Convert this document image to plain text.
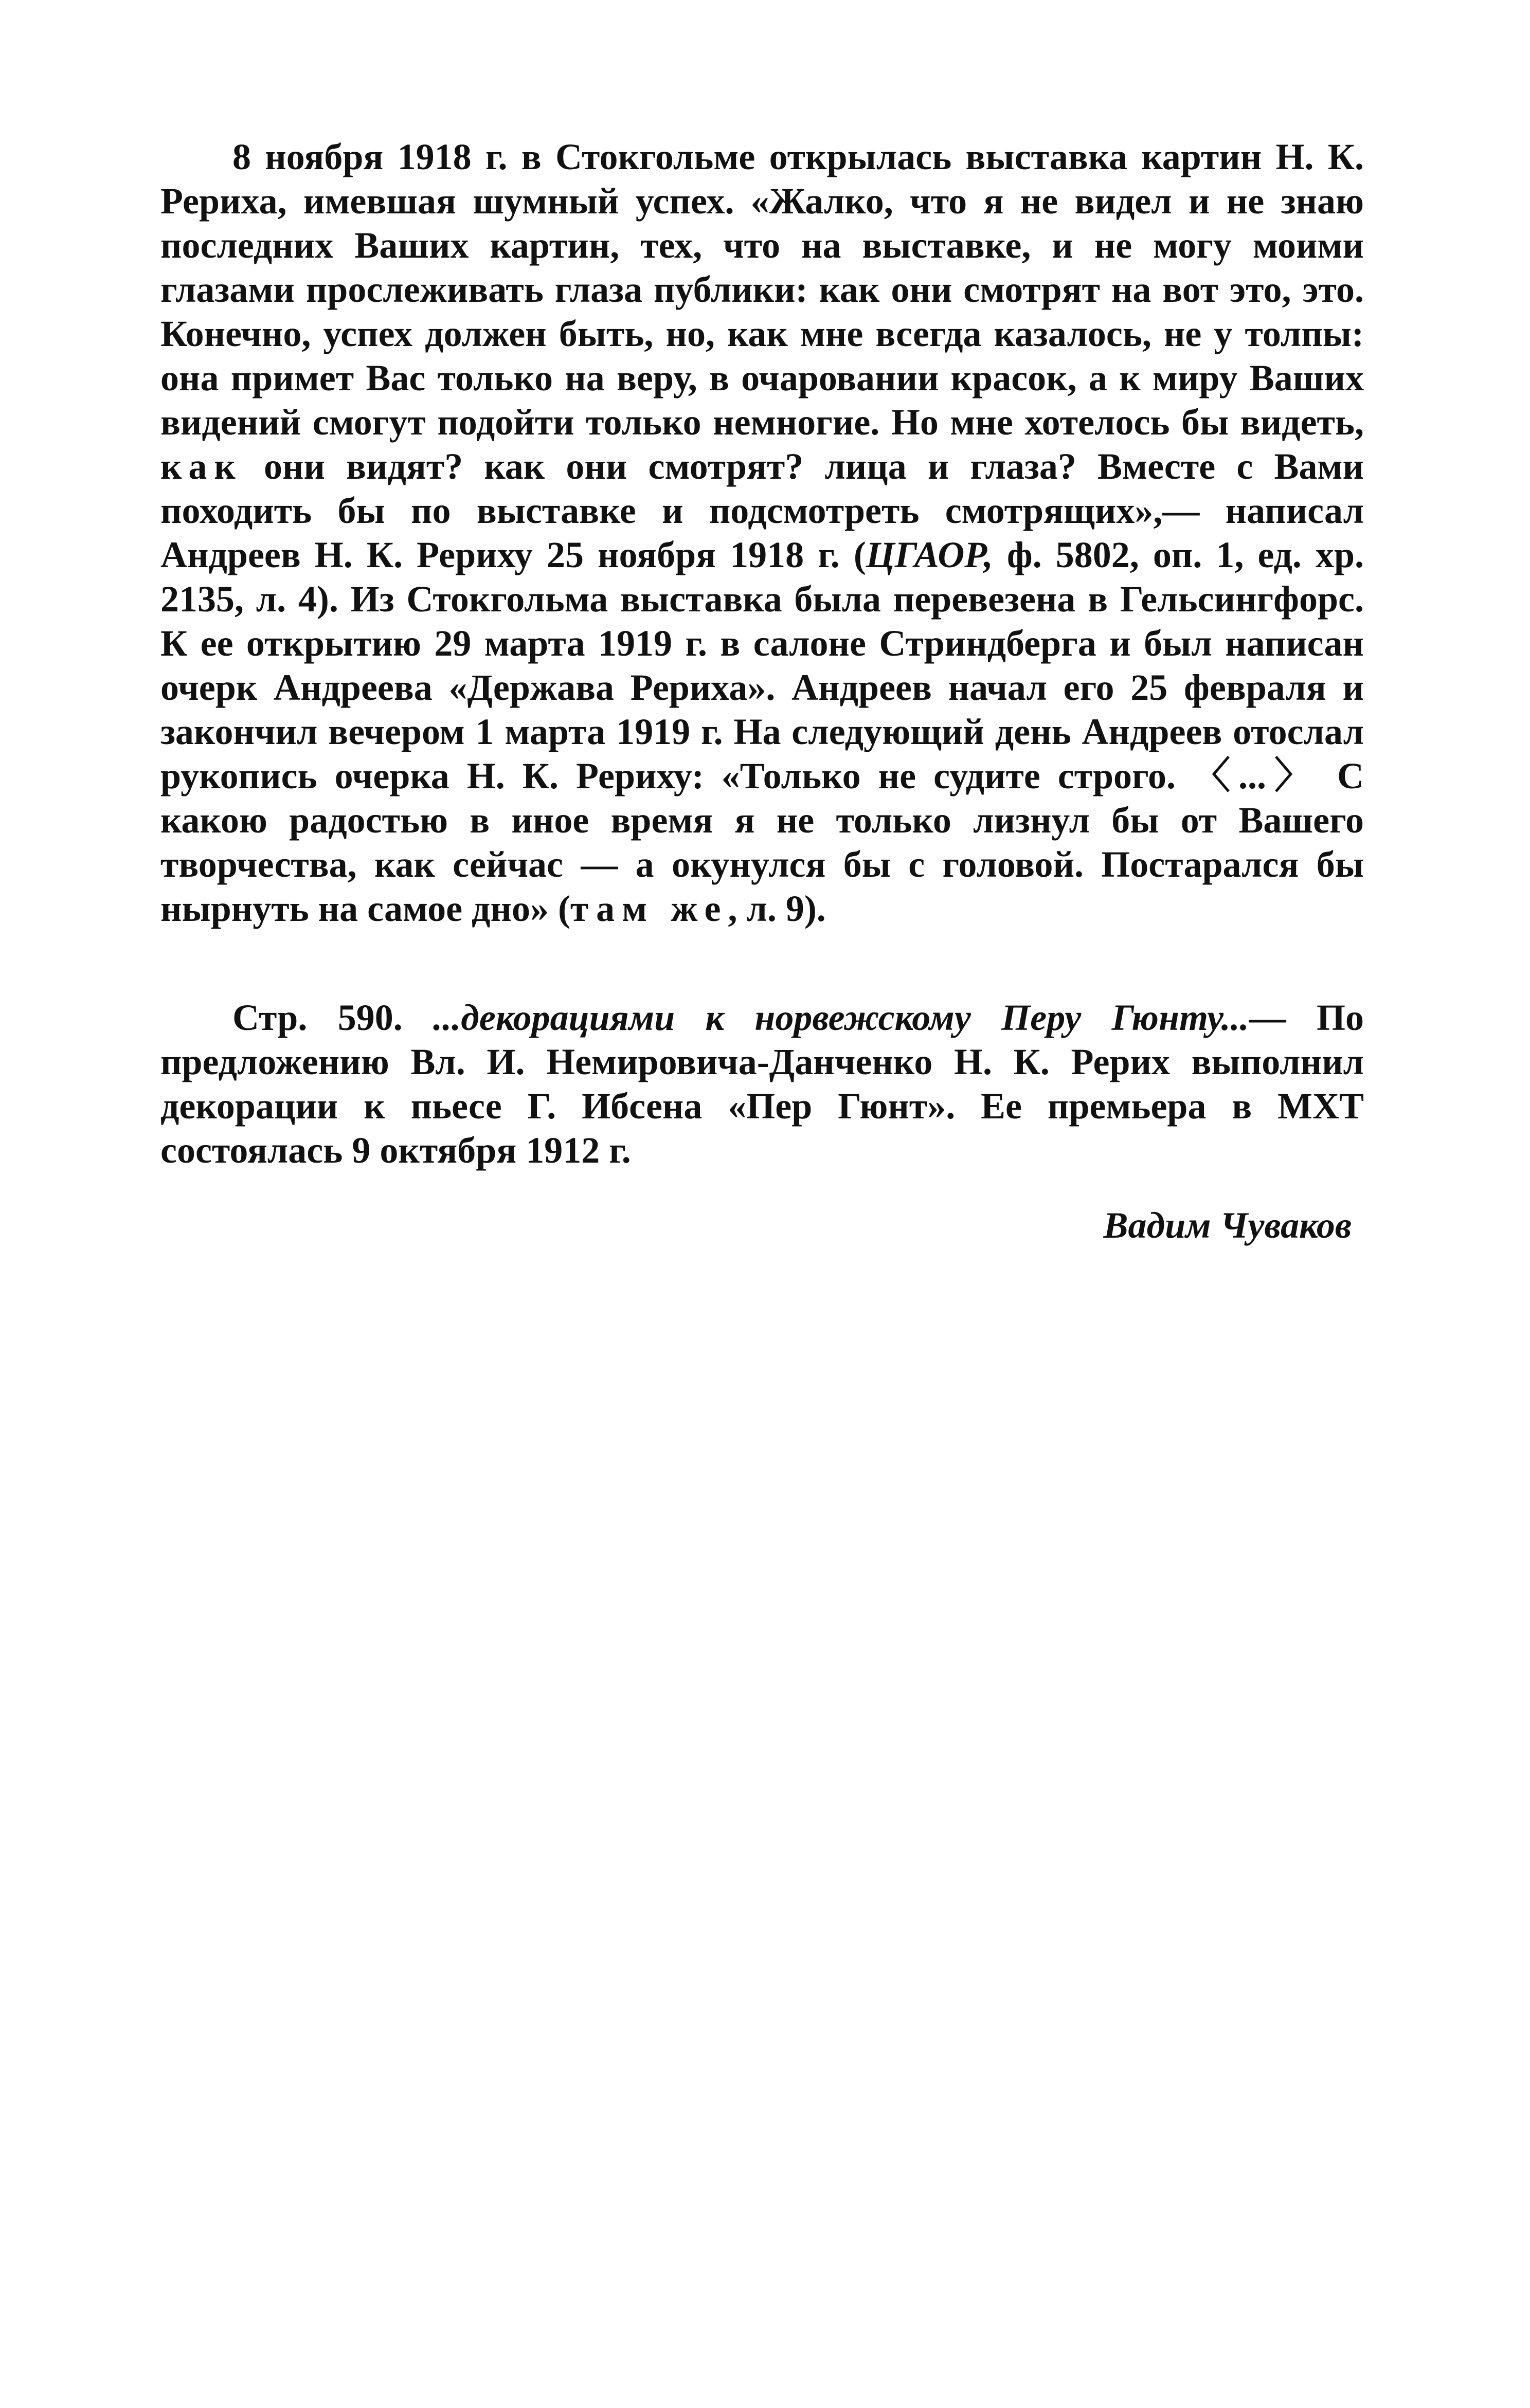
8 ноября 1918 г. в Стокгольме открылась выставка картин Н. К. Рериха, имевшая шумный успех. «Жалко, что я не видел и не знаю последних Ваших картин, тех, что на выставке, и не могу моими глазами прослеживать глаза публики: как они смотрят на вот это, это. Конечно, успех должен быть, но, как мне всегда казалось, не у толпы: она примет Вас только на веру, в очаровании красок, а к миру Ваших видений смогут подойти только немногие. Но мне хотелось бы видеть, как они видят? как они смотрят? лица и глаза? Вместе с Вами походить бы по выставке и подсмотреть смотрящих»,— написал Андреев Н. К. Рериху 25 ноября 1918 г. (ЦГАОР, ф. 5802, оп. 1, ед. хр. 2135, л. 4). Из Стокгольма выставка была перевезена в Гельсингфорс. К ее открытию 29 марта 1919 г. в салоне Стриндберга и был написан очерк Андреева «Держава Рериха». Андреев начал его 25 февраля и закончил вечером 1 марта 1919 г. На следующий день Андреев отослал рукопись очерка Н. К. Рериху: «Только не судите строго. 〈...〉 С какою радостью в иное время я не только лизнул бы от Вашего творчества, как сейчас — а окунулся бы с головой. Постарался бы нырнуть на самое дно» (там же, л. 9).

Стр. 590. ...декорациями к норвежскому Перу Гюнту...— По предложению Вл. И. Немировича-Данченко Н. К. Рерих выполнил декорации к пьесе Г. Ибсена «Пер Гюнт». Ее премьера в МХТ состоялась 9 октября 1912 г.

Вадим Чуваков
